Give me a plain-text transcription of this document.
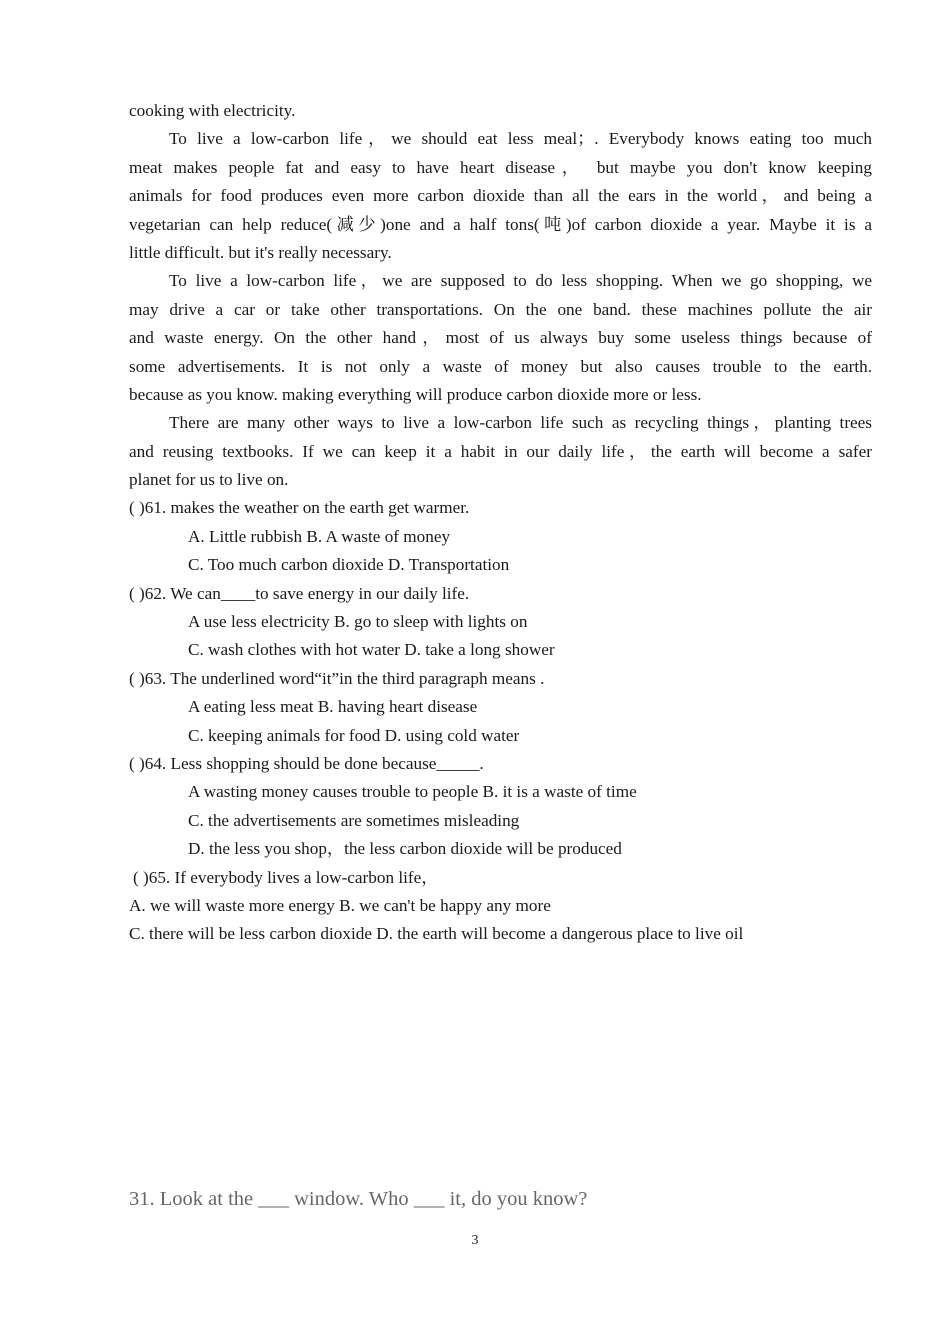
cooking with electricity.
To live a low-carbon life，we should eat less meal；. Everybody knows eating too much
meat makes people fat and easy to have heart disease， but maybe you don't know keeping
animals for food produces even more carbon dioxide than all the ears in the world，and being a
vegetarian can help reduce(减少)one and a half tons(吨)of carbon dioxide a year. Maybe it is a
little difficult. but it's really necessary.
To live a low-carbon life，we are supposed to do less shopping. When we go shopping, we
may drive a car or take other transportations. On the one band. these machines pollute the air
and waste energy. On the other hand，most of us always buy some useless things because of
some advertisements. It is not only a waste of money but also causes trouble to the earth.
because as you know. making everything will produce carbon dioxide more or less.
There are many other ways to live a low-carbon life such as recycling things，planting trees
and reusing textbooks. If we can keep it a habit in our daily life，the earth will become a safer
planet for us to live on.
( )61. makes the weather on the earth get warmer.
A. Little rubbish B. A waste of money
C. Too much carbon dioxide D. Transportation
( )62. We can____to save energy in our daily life.
A use less electricity B. go to sleep with lights on
C. wash clothes with hot water D. take a long shower
( )63. The underlined word“it”in the third paragraph means .
A eating less meat B. having heart disease
C. keeping animals for food D. using cold water
( )64. Less shopping should be done because_____.
A wasting money causes trouble to people B. it is a waste of time
C. the advertisements are sometimes misleading
D. the less you shop，the less carbon dioxide will be produced
( )65. If everybody lives a low-carbon life，
A. we will waste more energy B. we can't be happy any more
C. there will be less carbon dioxide D. the earth will become a dangerous place to live oil
31. Look at the ___ window. Who ___ it, do you know?
3
